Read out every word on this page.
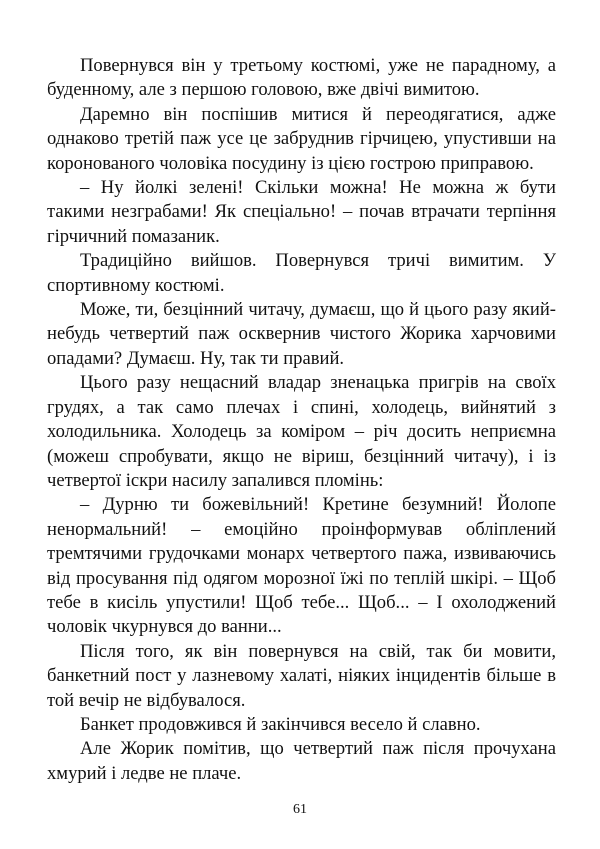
Повернувся він у третьому костюмі, уже не парадному, а буденному, але з першою головою, вже двічі вимитою.

Даремно він поспішив митися й переодягатися, адже однаково третій паж усе це забруднив гірчицею, упустивши на коронованого чоловіка посудину із цією гострою приправою.

– Ну йолкі зелені! Скільки можна! Не можна ж бути такими незграбами! Як спеціально! – почав втрачати терпіння гірчичний помазаник.

Традиційно вийшов. Повернувся тричі вимитим. У спортивному костюмі.

Може, ти, безцінний читачу, думаєш, що й цього разу який-небудь четвертий паж осквернив чистого Жорика харчовими опадами? Думаєш. Ну, так ти правий.

Цього разу нещасний владар зненацька пригрів на своїх грудях, а так само плечах і спині, холодець, вийнятий з холодильника. Холодець за коміром – річ досить неприємна (можеш спробувати, якщо не віриш, безцінний читачу), і із четвертої іскри насилу запалився пломінь:

– Дурню ти божевільний! Кретине безумний! Йолопе ненормальний! – емоційно проінформував обліплений тремтячими грудочками монарх четвертого пажа, извиваючись від просування під одягом морозної їжі по теплій шкірі. – Щоб тебе в кисіль упустили! Щоб тебе... Щоб... – І охолоджений чоловік чкурнувся до ванни...

Після того, як він повернувся на свій, так би мовити, банкетний пост у лазневому халаті, ніяких інцидентів більше в той вечір не відбувалося.

Банкет продовжився й закінчився весело й славно.

Але Жорик помітив, що четвертий паж після прочухана хмурий і ледве не плаче.

61
